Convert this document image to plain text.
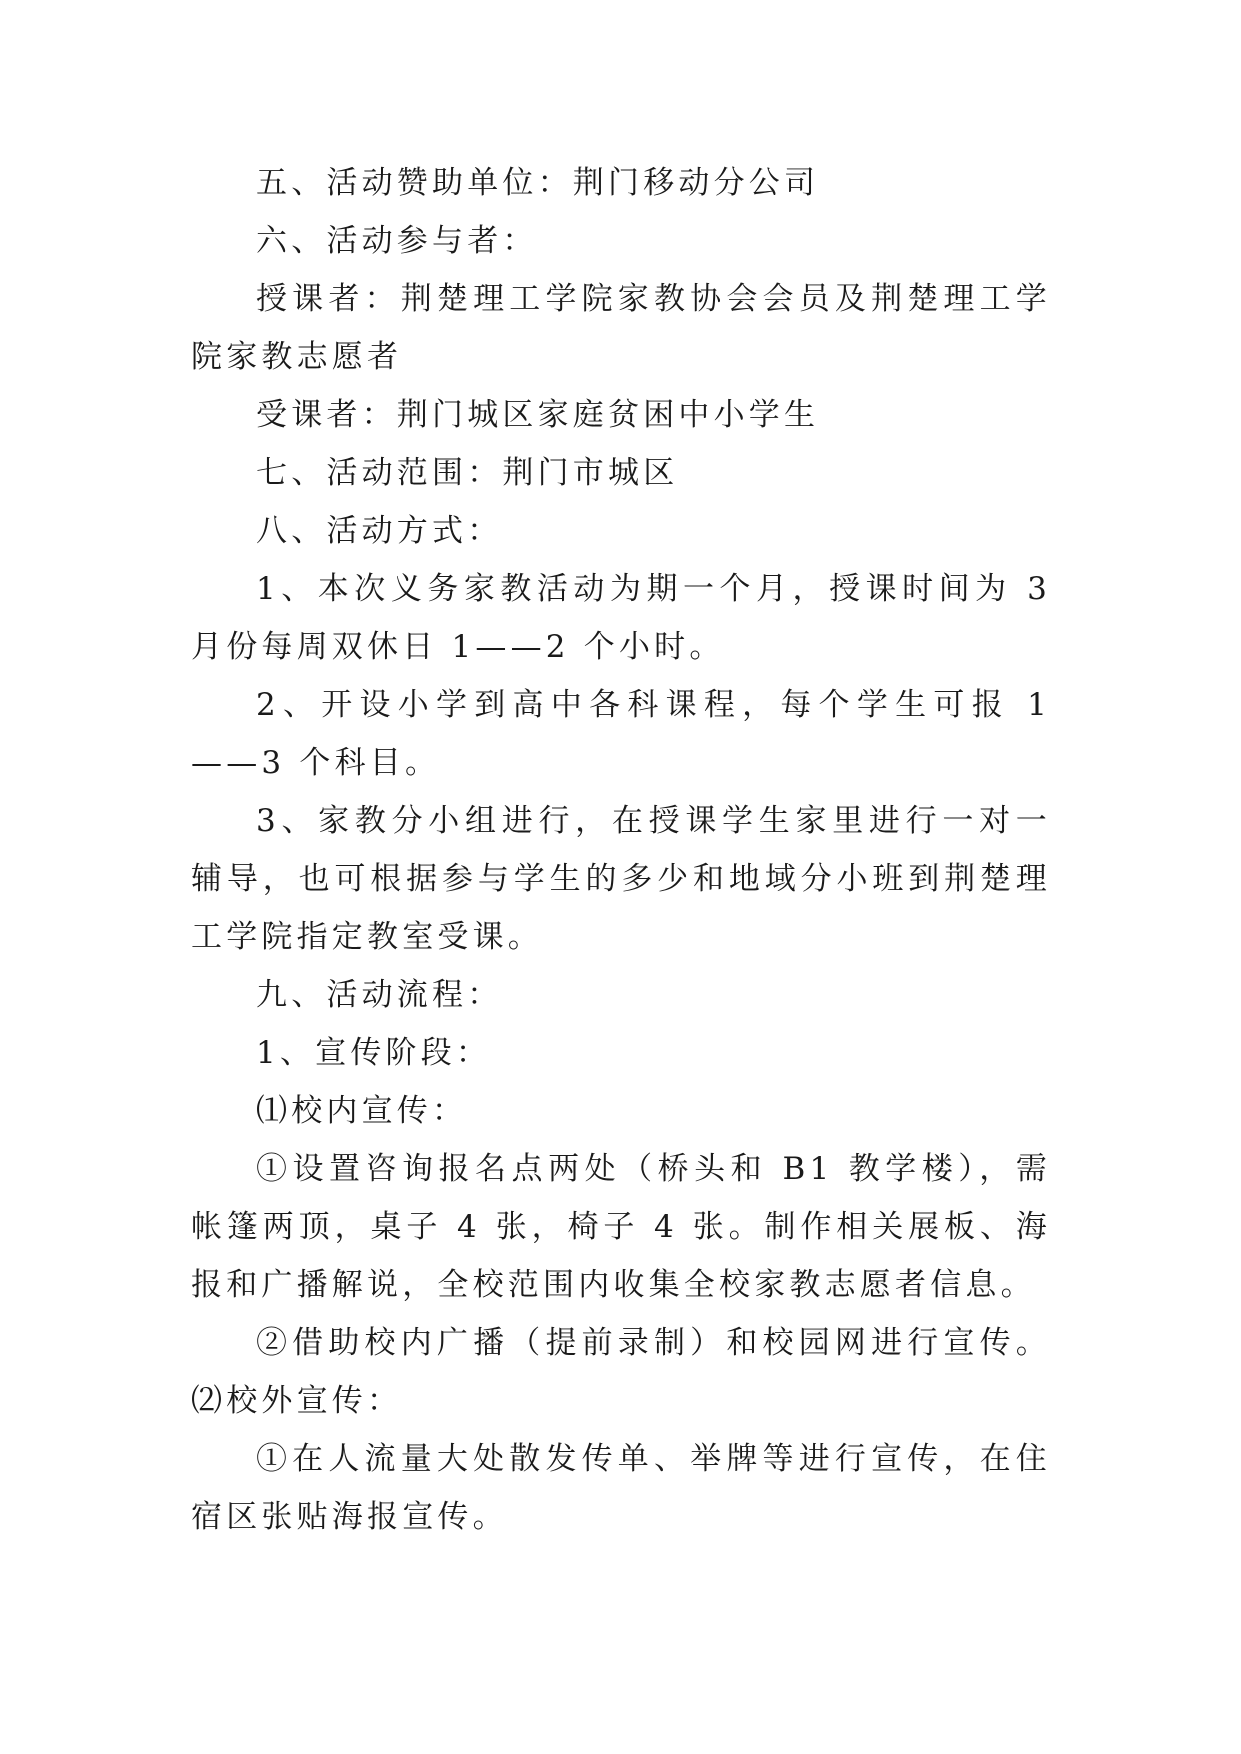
五、活动赞助单位：荆门移动分公司

六、活动参与者：

授课者：荆楚理工学院家教协会会员及荆楚理工学院家教志愿者

受课者：荆门城区家庭贫困中小学生

七、活动范围：荆门市城区

八、活动方式：

1、本次义务家教活动为期一个月，授课时间为 3 月份每周双休日 1——2 个小时。

2、开设小学到高中各科课程，每个学生可报 1——3 个科目。

3、家教分小组进行，在授课学生家里进行一对一辅导，也可根据参与学生的多少和地域分小班到荆楚理工学院指定教室受课。

九、活动流程：

1、宣传阶段：

⑴校内宣传：

①设置咨询报名点两处（桥头和 B1 教学楼），需帐篷两顶，桌子 4 张，椅子 4 张。制作相关展板、海报和广播解说，全校范围内收集全校家教志愿者信息。

②借助校内广播（提前录制）和校园网进行宣传。⑵校外宣传：

①在人流量大处散发传单、举牌等进行宣传，在住宿区张贴海报宣传。
